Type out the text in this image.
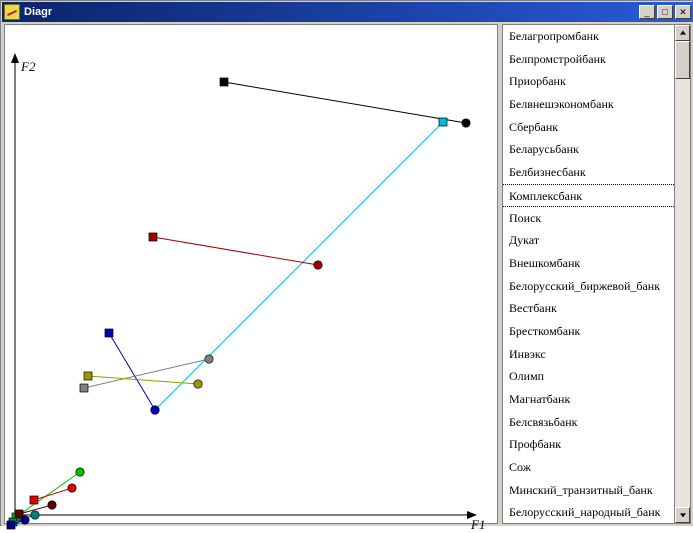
Diagr	_	□	✕
F2
F1
Белагропромбанк
Белпромстройбанк
Приорбанк
Белвнешэкономбанк
Сбербанк
Беларусьбанк
Белбизнесбанк
Комплексбанк
Поиск
Дукат
Внешкомбанк
Белорусский_биржевой_банк
Вестбанк
Бресткомбанк
Инвэкс
Олимп
Магнатбанк
Белсвязьбанк
Профбанк
Сож
Минский_транзитный_банк
Белорусский_народный_банк
